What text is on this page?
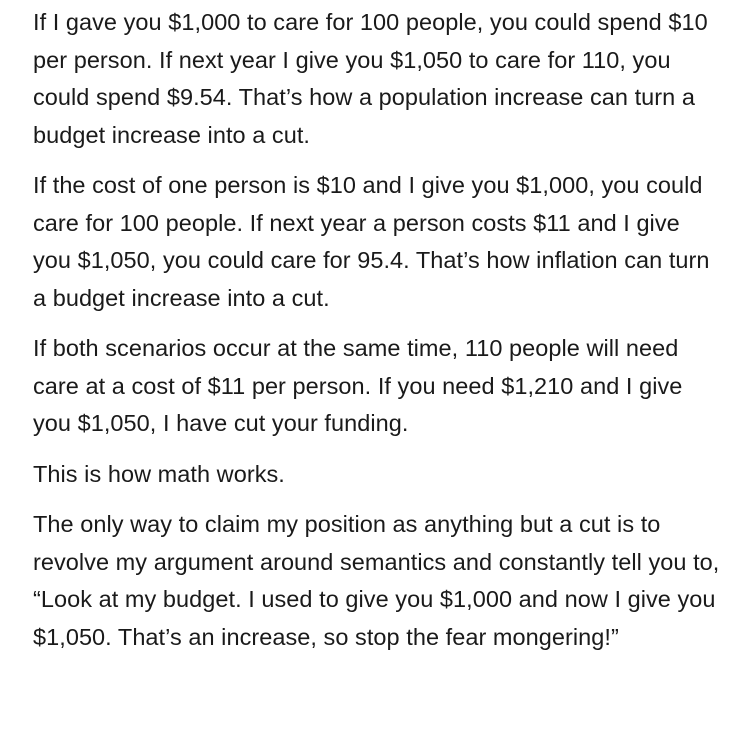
If I gave you $1,000 to care for 100 people, you could spend $10 per person. If next year I give you $1,050 to care for 110, you could spend $9.54. That’s how a population increase can turn a budget increase into a cut.

If the cost of one person is $10 and I give you $1,000, you could care for 100 people. If next year a person costs $11 and I give you $1,050, you could care for 95.4. That’s how inflation can turn a budget increase into a cut.

If both scenarios occur at the same time, 110 people will need care at a cost of $11 per person. If you need $1,210 and I give you $1,050, I have cut your funding.

This is how math works.

The only way to claim my position as anything but a cut is to revolve my argument around semantics and constantly tell you to, “Look at my budget. I used to give you $1,000 and now I give you $1,050. That’s an increase, so stop the fear mongering!”
